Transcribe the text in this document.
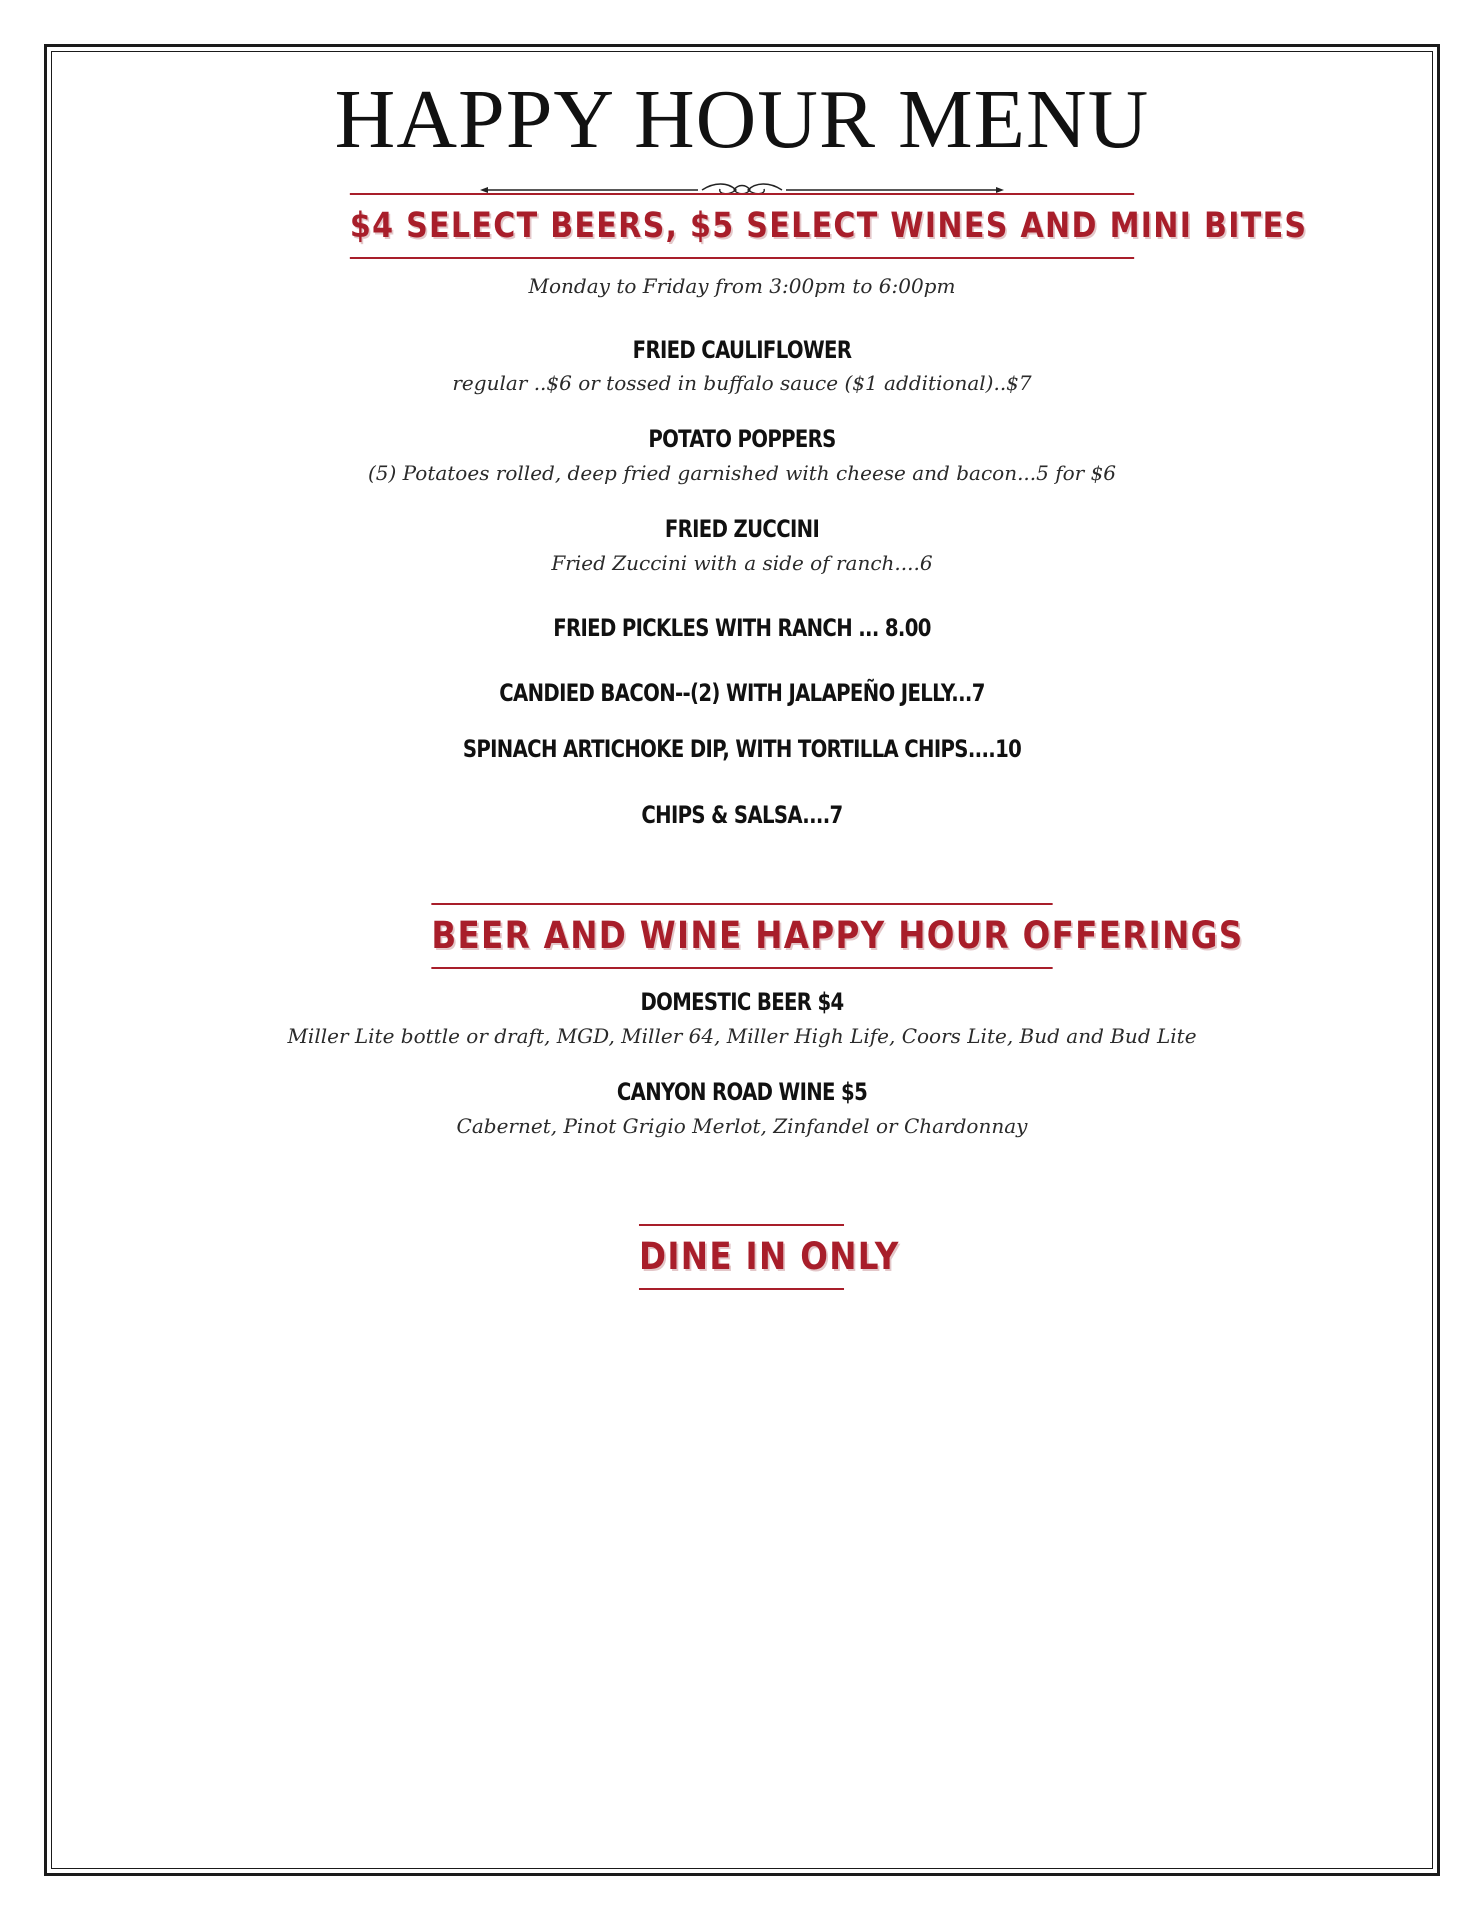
HAPPY HOUR MENU
$4 SELECT BEERS, $5 SELECT WINES AND MINI BITES
Monday to Friday from 3:00pm to 6:00pm
FRIED CAULIFLOWER
regular ..$6 or tossed in buffalo sauce ($1 additional)..$7
POTATO POPPERS
(5) Potatoes rolled, deep fried garnished with cheese and bacon...5 for $6
FRIED ZUCCINI
Fried Zuccini with a side of ranch....6
FRIED PICKLES WITH RANCH ... 8.00
CANDIED BACON--(2) WITH JALAPEÑO JELLY...7
SPINACH ARTICHOKE DIP, WITH TORTILLA CHIPS....10
CHIPS & SALSA....7
BEER AND WINE HAPPY HOUR OFFERINGS
DOMESTIC BEER $4
Miller Lite bottle or draft, MGD, Miller 64, Miller High Life, Coors Lite, Bud and Bud Lite
CANYON ROAD WINE $5
Cabernet, Pinot Grigio Merlot, Zinfandel or Chardonnay
DINE IN ONLY
